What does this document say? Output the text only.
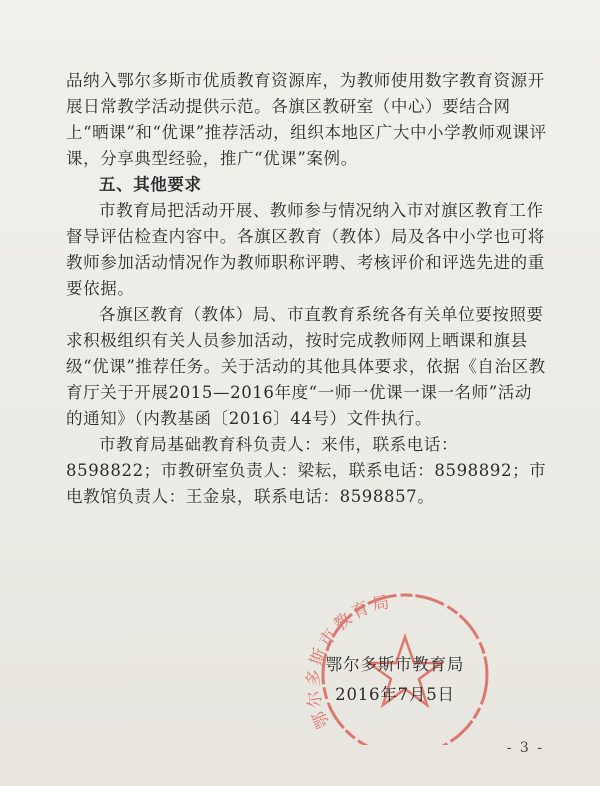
品纳入鄂尔多斯市优质教育资源库，为教师使用数字教育资源开展日常教学活动提供示范。各旗区教研室（中心）要结合网上“晒课”和“优课”推荐活动，组织本地区广大中小学教师观课评课，分享典型经验，推广“优课”案例。

五、其他要求

市教育局把活动开展、教师参与情况纳入市对旗区教育工作督导评估检查内容中。各旗区教育（教体）局及各中小学也可将教师参加活动情况作为教师职称评聘、考核评价和评选先进的重要依据。

各旗区教育（教体）局、市直教育系统各有关单位要按照要求积极组织有关人员参加活动，按时完成教师网上晒课和旗县级“优课”推荐任务。关于活动的其他具体要求，依据《自治区教育厅关于开展2015—2016年度“一师一优课一课一名师”活动的通知》（内教基函〔2016〕44号）文件执行。

市教育局基础教育科负责人：来伟，联系电话：8598822；市教研室负责人：梁耘，联系电话：8598892；市电教馆负责人：王金泉，联系电话：8598857。

鄂尔多斯市教育局
鄂尔多斯市教育局
2016年7月5日
- 3 -
